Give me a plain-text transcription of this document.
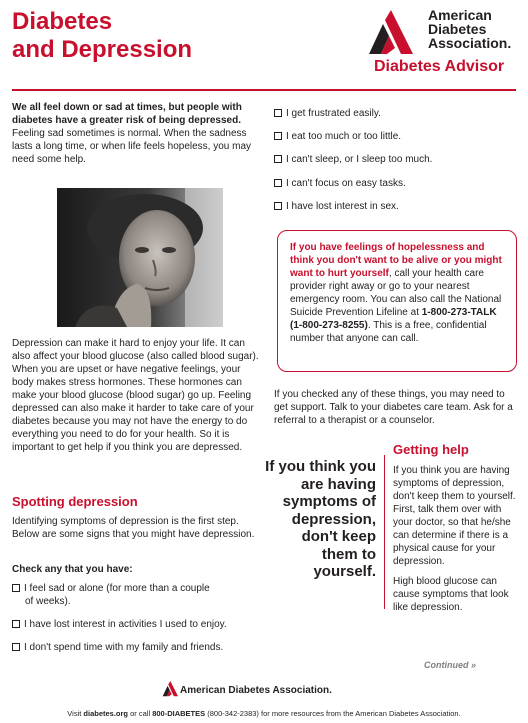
Diabetes
and Depression
American
Diabetes
Association.
Diabetes Advisor
We all feel down or sad at times, but people with diabetes have a greater risk of being depressed. Feeling sad sometimes is normal. When the sadness lasts a long time, or when life feels hopeless, you may need some help.
Depression can make it hard to enjoy your life. It can also affect your blood glucose (also called blood sugar). When you are upset or have negative feelings, your body makes stress hormones. These hormones can make your blood glucose (blood sugar) go up. Feeling depressed can also make it harder to take care of your diabetes because you may not have the energy to do everything you need to do for your health. So it is important to get help if you think you are depressed.
Spotting depression
Identifying symptoms of depression is the first step. Below are some signs that you might have depression.
Check any that you have:
I feel sad or alone (for more than a couple
of weeks).
I have lost interest in activities I used to enjoy.
I don't spend time with my family and friends.
I get frustrated easily.
I eat too much or too little.
I can't sleep, or I sleep too much.
I can't focus on easy tasks.
I have lost interest in sex.
If you have feelings of hopelessness and think you don't want to be alive or you might want to hurt yourself, call your health care provider right away or go to your nearest emergency room. You can also call the National Suicide Prevention Lifeline at 1-800-273-TALK (1-800-273-8255). This is a free, confidential number that anyone can call.
If you checked any of these things, you may need to get support. Talk to your diabetes care team. Ask for a referral to a therapist or a counselor.
If you think you are having symptoms of depression, don't keep them to yourself.
Getting help
If you think you are having symptoms of depression, don't keep them to yourself. First, talk them over with your doctor, so that he/she can determine if there is a physical cause for your depression.
High blood glucose can cause symptoms that look like depression.
Continued »
American Diabetes Association.
Visit diabetes.org or call 800-DIABETES (800-342-2383) for more resources from the American Diabetes Association.
